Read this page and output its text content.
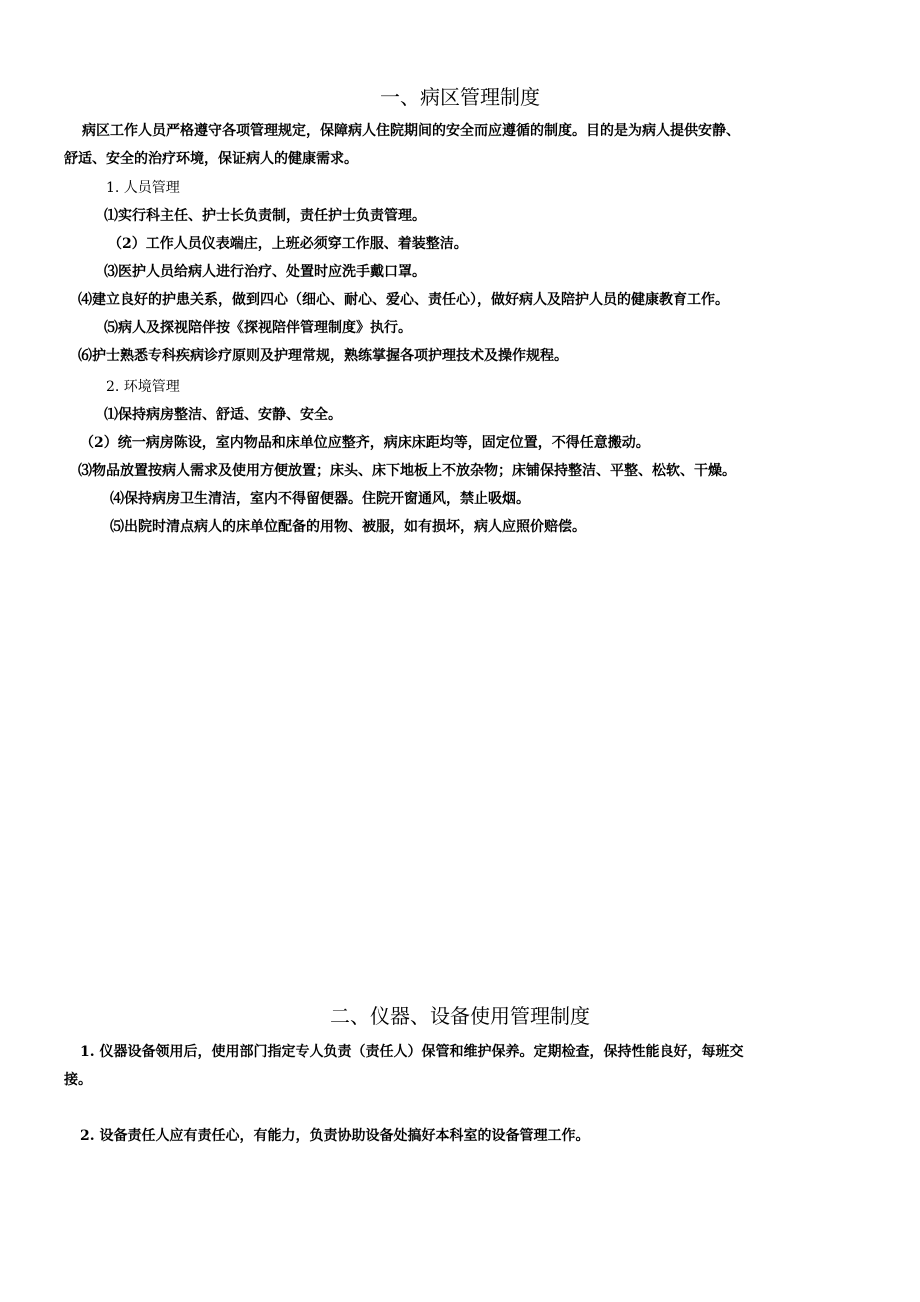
一、病区管理制度
病区工作人员严格遵守各项管理规定，保障病人住院期间的安全而应遵循的制度。目的是为病人提供安静、
舒适、安全的治疗环境，保证病人的健康需求。
1. 人员管理
⑴实行科主任、护士长负责制，责任护士负责管理。
（2）工作人员仪表端庄，上班必须穿工作服、着装整洁。
⑶医护人员给病人进行治疗、处置时应洗手戴口罩。
⑷建立良好的护患关系，做到四心（细心、耐心、爱心、责任心），做好病人及陪护人员的健康教育工作。
⑸病人及探视陪伴按《探视陪伴管理制度》执行。
⑹护士熟悉专科疾病诊疗原则及护理常规，熟练掌握各项护理技术及操作规程。
2. 环境管理
⑴保持病房整洁、舒适、安静、安全。
（2）统一病房陈设，室内物品和床单位应整齐，病床床距均等，固定位置，不得任意搬动。
⑶物品放置按病人需求及使用方便放置；床头、床下地板上不放杂物；床铺保持整洁、平整、松软、干燥。
⑷保持病房卫生清洁，室内不得留便器。住院开窗通风，禁止吸烟。
⑸出院时清点病人的床单位配备的用物、被服，如有损坏，病人应照价赔偿。
二、仪器、设备使用管理制度
1. 仪器设备领用后，使用部门指定专人负责（责任人）保管和维护保养。定期检查，保持性能良好，每班交
接。
2. 设备责任人应有责任心，有能力，负责协助设备处搞好本科室的设备管理工作。
